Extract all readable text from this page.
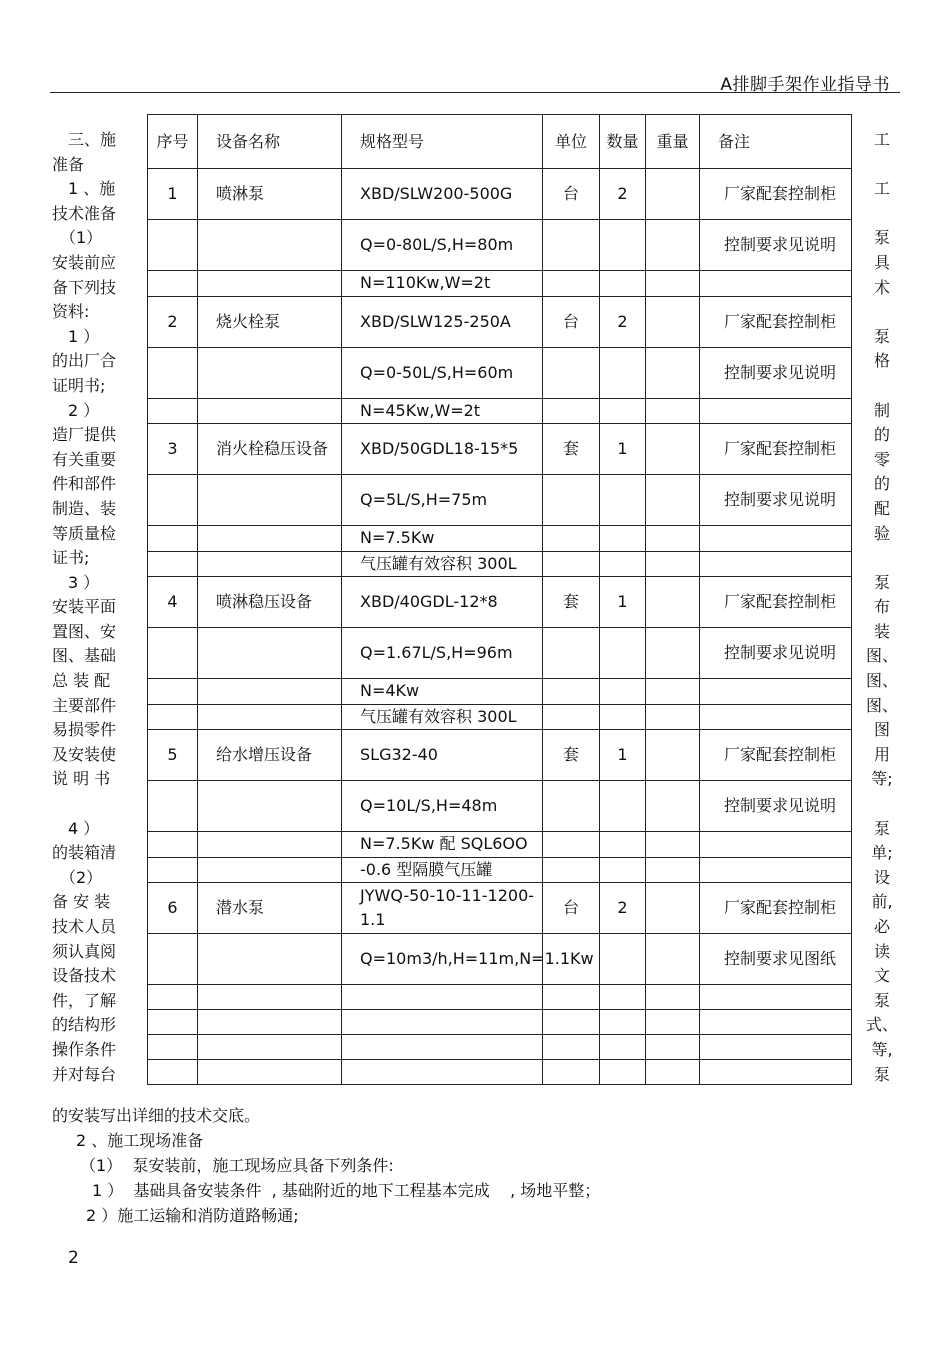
A排脚手架作业指导书
　三、施
准备
　1 、施
技术准备
　（1）
安装前应
备下列技
资料:
　1 ）
的出厂合
证明书;
　2 ）
造厂提供
有关重要
件和部件
制造、装
等质量检
证书;
　3 ）
安装平面
置图、安
图、基础
总 装 配
主要部件
易损零件
及安装使
说 明 书
　4 ）
的装箱清
　（2）
备 安 装
技术人员
须认真阅
设备技术
件，了解
的结构形
操作条件
并对每台
工
工
泵
具
术
泵
格
制
的
零
的
配
验
泵
布
装
图、
图、
图、
图
用
等;
泵
单;
设
前,
必
读
文
泵
式、
等,
泵
序号	设备名称	规格型号	单位	数量	重量	备注
1	喷淋泵	XBD/SLW200-500G	台	2		厂家配套控制柜
		Q=0-80L/S,H=80m				控制要求见说明
		N=110Kw,W=2t				
2	烧火栓泵	XBD/SLW125-250A	台	2		厂家配套控制柜
		Q=0-50L/S,H=60m				控制要求见说明
		N=45Kw,W=2t				
3	消火栓稳压设备	XBD/50GDL18-15*5	套	1		厂家配套控制柜
		Q=5L/S,H=75m				控制要求见说明
		N=7.5Kw				
		气压罐有效容积 300L				
4	喷淋稳压设备	XBD/40GDL-12*8	套	1		厂家配套控制柜
		Q=1.67L/S,H=96m				控制要求见说明
		N=4Kw				
		气压罐有效容积 300L				
5	给水增压设备	SLG32-40	套	1		厂家配套控制柜
		Q=10L/S,H=48m				控制要求见说明
		N=7.5Kw 配 SQL6OO				
		-0.6 型隔膜气压罐				
6	潜水泵	JYWQ-50-10-11-1200-1.1	台	2		厂家配套控制柜
		Q=10m3/h,H=11m,N=1.1Kw				控制要求见图纸

的安装写出详细的技术交底。
　2 、施工现场准备
　（1）  泵安装前，施工现场应具备下列条件:
　1 ）  基础具备安装条件  , 基础附近的地下工程基本完成    , 场地平整；
　2 ）施工运输和消防道路畅通;
2
